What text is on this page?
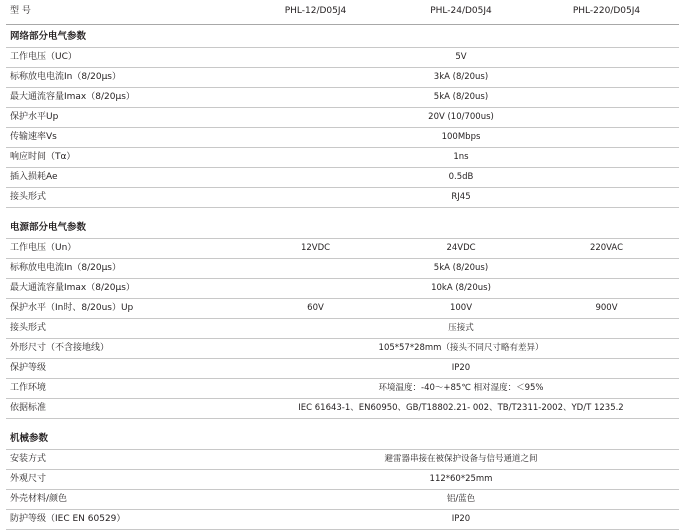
型 号	PHL-12/D05J4	PHL-24/D05J4	PHL-220/D05J4
网络部分电气参数			
工作电压（UC）	5V		
标称放电电流In（8/20μs）	3kA (8/20us)		
最大通流容量Imax（8/20μs）	5kA (8/20us)		
保护水平Up	20V (10/700us)		
传输速率Vs	100Mbps		
响应时间（Tα）	1ns		
插入损耗Ae	0.5dB		
接头形式	RJ45		

电源部分电气参数			
工作电压（Un）	12VDC	24VDC	220VAC
标称放电电流In（8/20μs）	5kA (8/20us)		
最大通流容量Imax（8/20μs）	10kA (8/20us)		
保护水平（In时、8/20us）Up	60V	100V	900V
接头形式	压接式		
外形尺寸（不含接地线）	105*57*28mm（接头不同尺寸略有差异）		
保护等级	IP20		
工作环境	环境温度：-40～+85℃ 相对湿度：＜95%		
依据标准	IEC 61643-1、EN60950、GB/T18802.21- 002、TB/T2311-2002、YD/T 1235.2		

机械参数			
安装方式	避雷器串接在被保护设备与信号通道之间		
外观尺寸	112*60*25mm		
外壳材料/颜色	铝/蓝色		
防护等级（IEC EN 60529）	IP20		
